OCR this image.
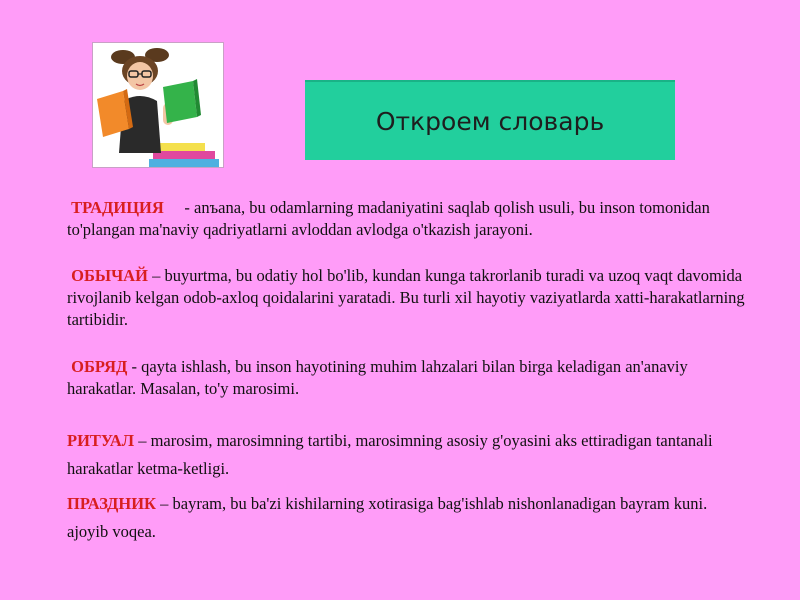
Откроем словарь
ТРАДИЦИЯ - anъana, bu odamlarning madaniyatini saqlab qolish usuli, bu inson tomonidan to'plangan ma'naviy qadriyatlarni avloddan avlodga o'tkazish jarayoni.
ОБЫЧАЙ – buyurtma, bu odatiy hol bo'lib, kundan kunga takrorlanib turadi va uzoq vaqt davomida rivojlanib kelgan odob-axloq qoidalarini yaratadi. Bu turli xil hayotiy vaziyatlarda xatti-harakatlarning tartibidir.
ОБРЯД - qayta ishlash, bu inson hayotining muhim lahzalari bilan birga keladigan an'anaviy harakatlar. Masalan, to'y marosimi.
РИТУАЛ – marosim, marosimning tartibi, marosimning asosiy g'oyasini aks ettiradigan tantanali harakatlar ketma-ketligi.
ПРАЗДНИК – bayram, bu ba'zi kishilarning xotirasiga bag'ishlab nishonlanadigan bayram kuni. ajoyib voqea.
